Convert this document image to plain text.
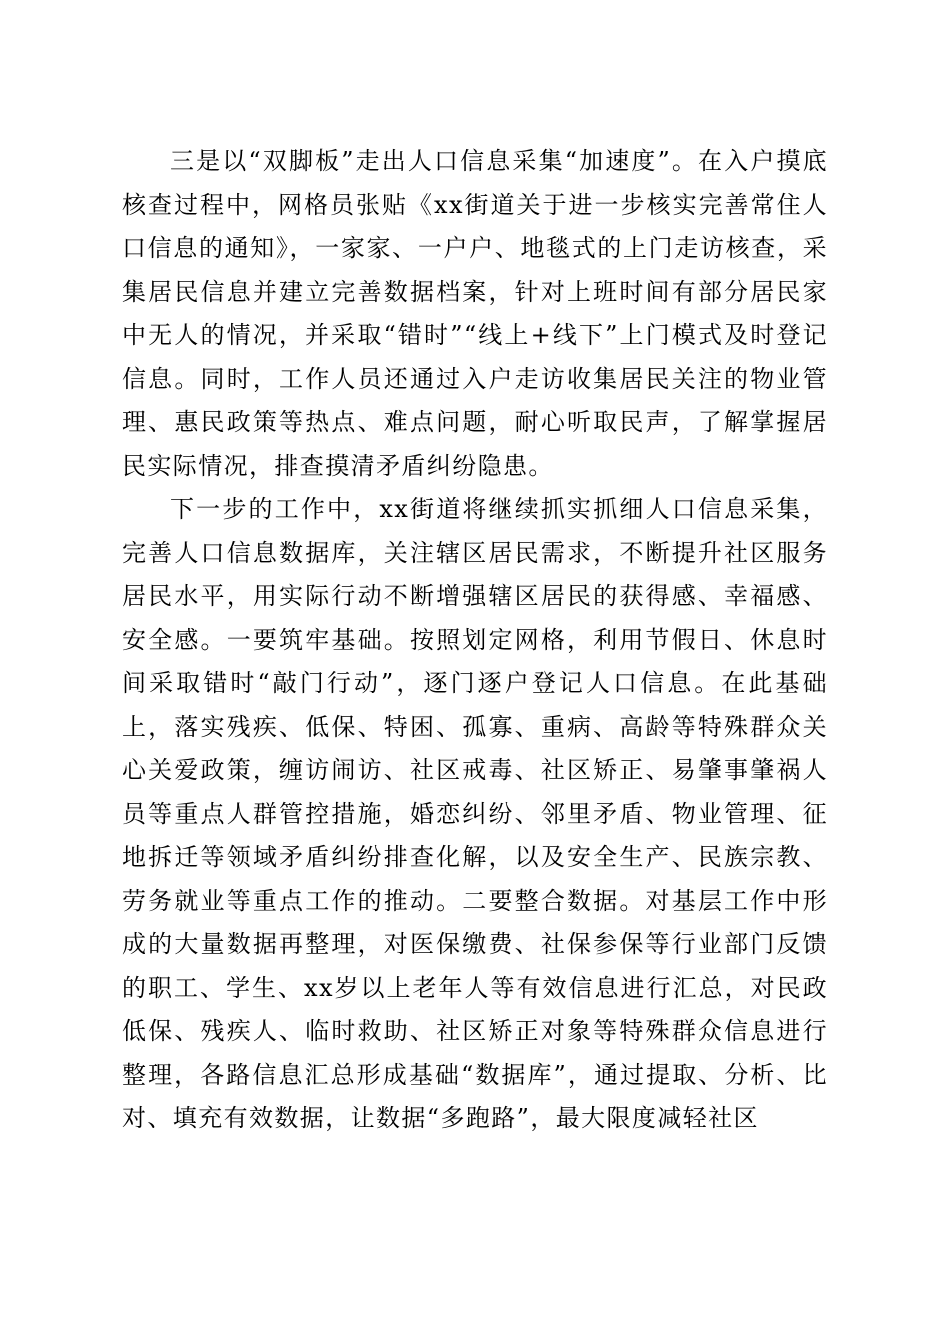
三是以“双脚板”走出人口信息采集“加速度”。在入户摸底核查过程中，网格员张贴《xx街道关于进一步核实完善常住人口信息的通知》，一家家、一户户、地毯式的上门走访核查，采集居民信息并建立完善数据档案，针对上班时间有部分居民家中无人的情况，并采取“错时”“线上+线下”上门模式及时登记信息。同时，工作人员还通过入户走访收集居民关注的物业管理、惠民政策等热点、难点问题，耐心听取民声，了解掌握居民实际情况，排查摸清矛盾纠纷隐患。

下一步的工作中，xx街道将继续抓实抓细人口信息采集，完善人口信息数据库，关注辖区居民需求，不断提升社区服务居民水平，用实际行动不断增强辖区居民的获得感、幸福感、安全感。一要筑牢基础。按照划定网格，利用节假日、休息时间采取错时“敲门行动”，逐门逐户登记人口信息。在此基础上，落实残疾、低保、特困、孤寡、重病、高龄等特殊群众关心关爱政策，缠访闹访、社区戒毒、社区矫正、易肇事肇祸人员等重点人群管控措施，婚恋纠纷、邻里矛盾、物业管理、征地拆迁等领域矛盾纠纷排查化解，以及安全生产、民族宗教、劳务就业等重点工作的推动。二要整合数据。对基层工作中形成的大量数据再整理，对医保缴费、社保参保等行业部门反馈的职工、学生、xx岁以上老年人等有效信息进行汇总，对民政低保、残疾人、临时救助、社区矫正对象等特殊群众信息进行整理，各路信息汇总形成基础“数据库”，通过提取、分析、比对、填充有效数据，让数据“多跑路”，最大限度减轻社区
